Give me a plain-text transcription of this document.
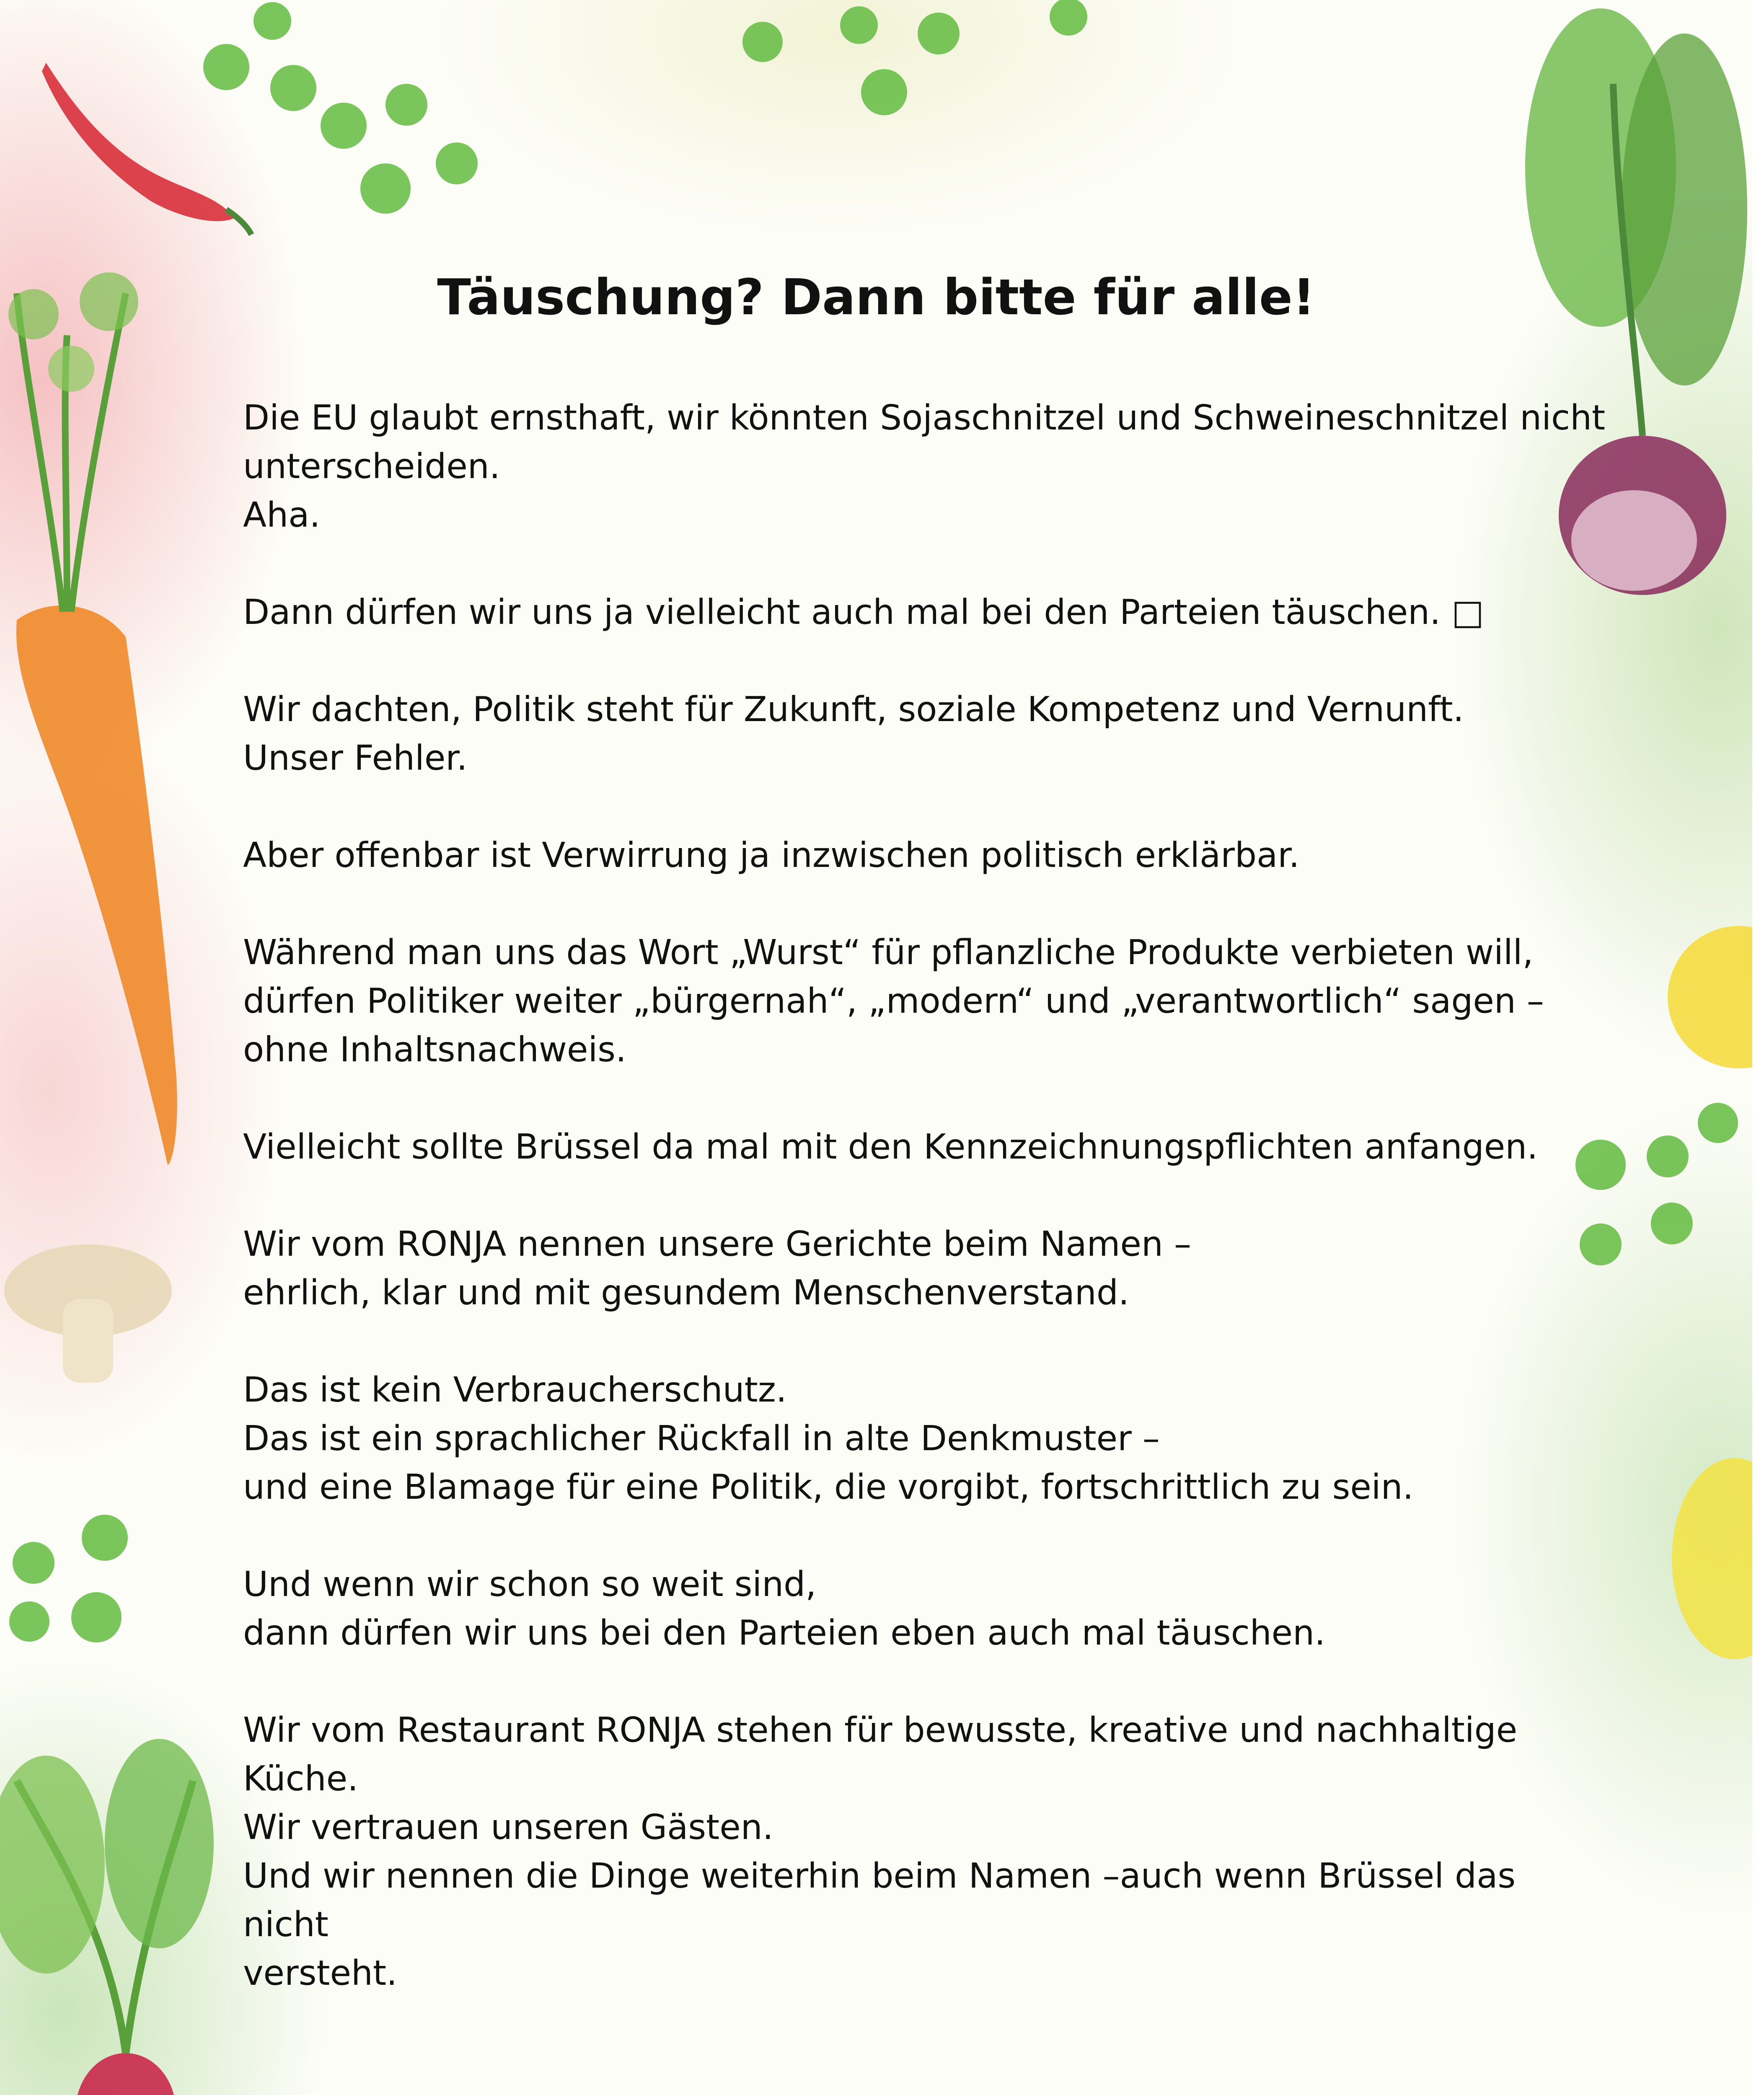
Täuschung? Dann bitte für alle!

Die EU glaubt ernsthaft, wir könnten Sojaschnitzel und Schweineschnitzel nicht
unterscheiden.
Aha.

Dann dürfen wir uns ja vielleicht auch mal bei den Parteien täuschen. □

Wir dachten, Politik steht für Zukunft, soziale Kompetenz und Vernunft.
Unser Fehler.

Aber offenbar ist Verwirrung ja inzwischen politisch erklärbar.

Während man uns das Wort „Wurst“ für pflanzliche Produkte verbieten will,
dürfen Politiker weiter „bürgernah“, „modern“ und „verantwortlich“ sagen –
ohne Inhaltsnachweis.

Vielleicht sollte Brüssel da mal mit den Kennzeichnungspflichten anfangen.

Wir vom RONJA nennen unsere Gerichte beim Namen –
ehrlich, klar und mit gesundem Menschenverstand.

Das ist kein Verbraucherschutz.
Das ist ein sprachlicher Rückfall in alte Denkmuster –
und eine Blamage für eine Politik, die vorgibt, fortschrittlich zu sein.

Und wenn wir schon so weit sind,
dann dürfen wir uns bei den Parteien eben auch mal täuschen.

Wir vom Restaurant RONJA stehen für bewusste, kreative und nachhaltige Küche.
Wir vertrauen unseren Gästen.
Und wir nennen die Dinge weiterhin beim Namen –auch wenn Brüssel das nicht
versteht.
